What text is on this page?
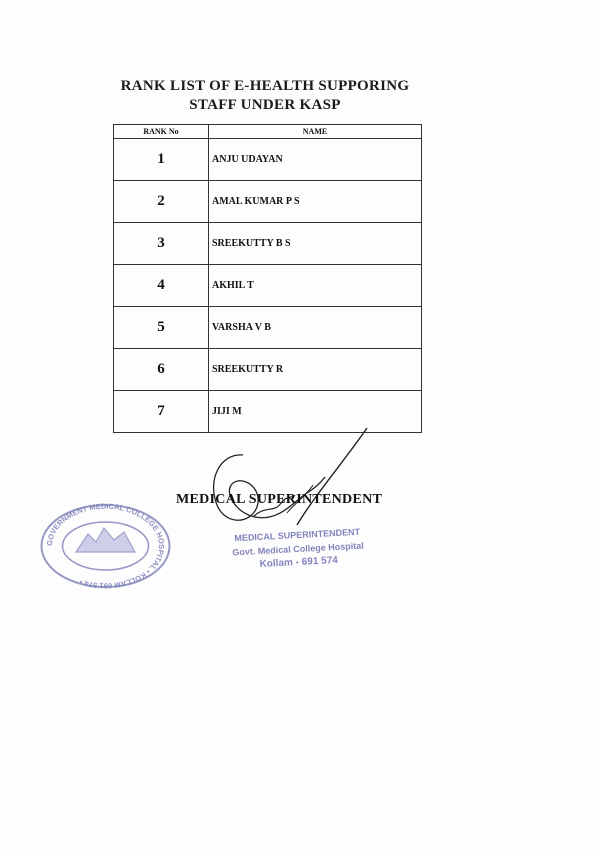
RANK LIST OF E-HEALTH SUPPORING
STAFF UNDER KASP
RANK No	NAME
1	ANJU UDAYAN
2	AMAL KUMAR P S
3	SREEKUTTY B S
4	AKHIL T
5	VARSHA V B
6	SREEKUTTY R
7	JIJI M
MEDICAL SUPERINTENDENT
MEDICAL SUPERINTENDENT
Govt. Medical College Hospital
Kollam - 691 574
GOVERNMENT MEDICAL COLLEGE HOSPITAL • KOLLAM 691 574 •
